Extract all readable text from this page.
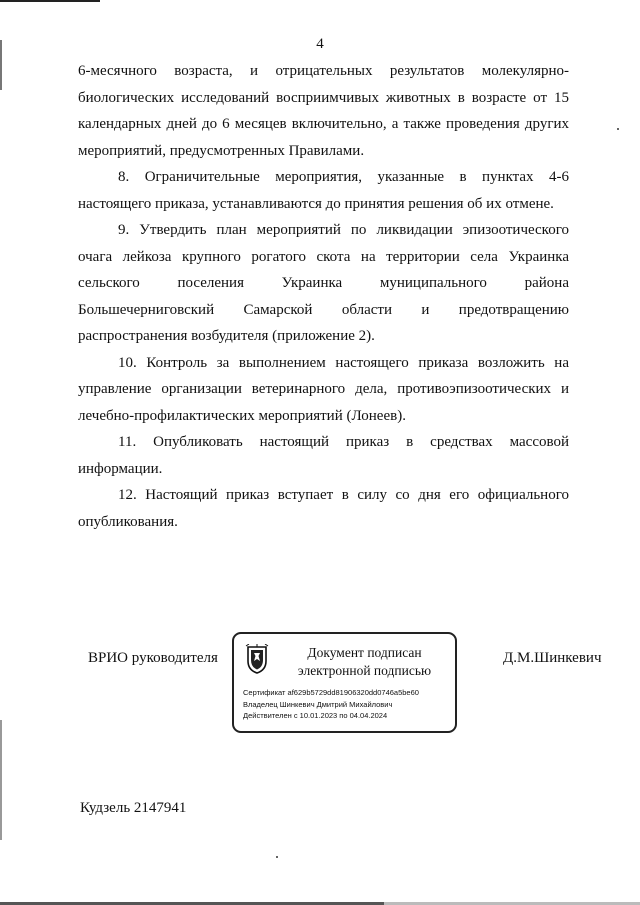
4

6-месячного возраста, и отрицательных результатов молекулярно-биологических исследований восприимчивых животных в возрасте от 15 календарных дней до 6 месяцев включительно, а также проведения других мероприятий, предусмотренных Правилами.

8. Ограничительные мероприятия, указанные в пунктах 4-6 настоящего приказа, устанавливаются до принятия решения об их отмене.

9. Утвердить план мероприятий по ликвидации эпизоотического очага лейкоза крупного рогатого скота на территории села Украинка сельского поселения Украинка муниципального района Большечерниговский Самарской области и предотвращению распространения возбудителя (приложение 2).

10. Контроль за выполнением настоящего приказа возложить на управление организации ветеринарного дела, противоэпизоотических и лечебно-профилактических мероприятий (Лонеев).

11. Опубликовать настоящий приказ в средствах массовой информации.

12. Настоящий приказ вступает в силу со дня его официального опубликования.

ВРИО руководителя	Документ подписан
электронной подписью
Сертификат af629b5729dd81906320dd0746a5be60
Владелец Шинкевич Дмитрий Михайлович
Действителен с 10.01.2023 по 04.04.2024
Д.М.Шинкевич
Кудзель 2147941
